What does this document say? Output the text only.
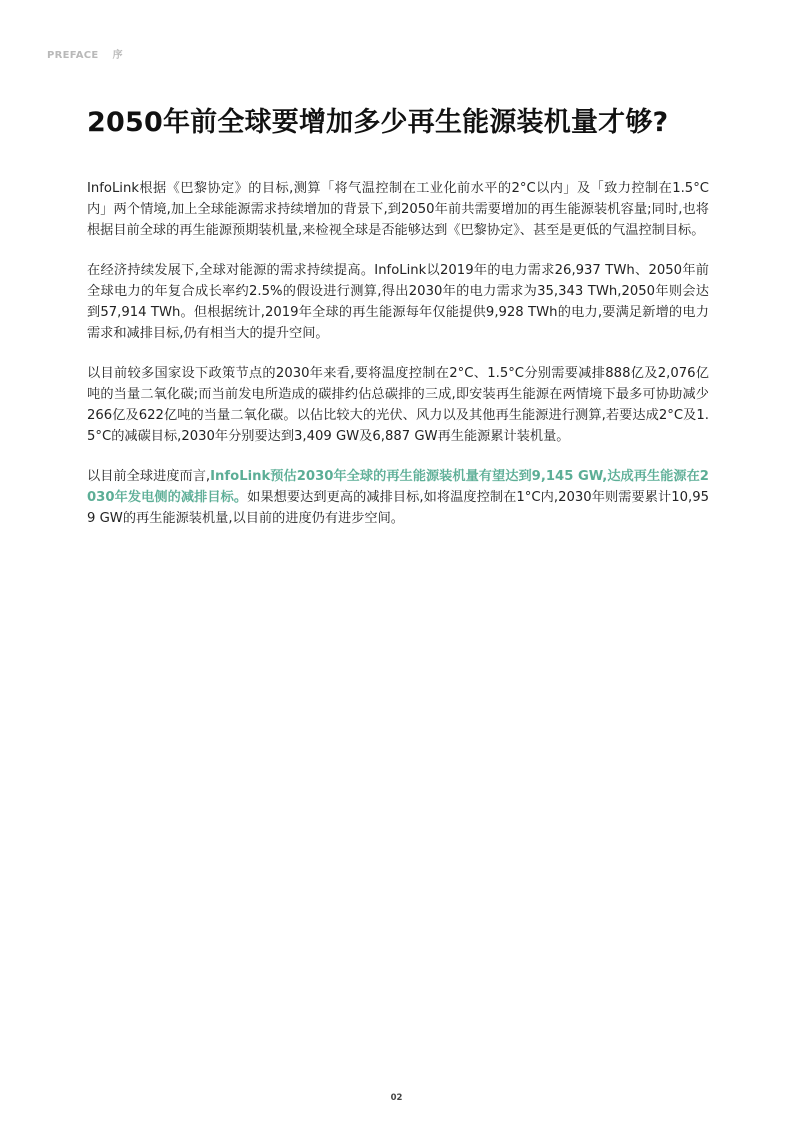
PREFACE 序
2050年前全球要增加多少再生能源装机量才够?

InfoLink根据《巴黎协定》的目标,测算「将气温控制在工业化前水平的2°C以内」及「致力控制在1.5°C内」两个情境,加上全球能源需求持续增加的背景下,到2050年前共需要增加的再生能源装机容量;同时,也将根据目前全球的再生能源预期装机量,来检视全球是否能够达到《巴黎协定》、甚至是更低的气温控制目标。

在经济持续发展下,全球对能源的需求持续提高。InfoLink以2019年的电力需求26,937 TWh、2050年前全球电力的年复合成长率约2.5%的假设进行测算,得出2030年的电力需求为35,343 TWh,2050年则会达到57,914 TWh。但根据统计,2019年全球的再生能源每年仅能提供9,928 TWh的电力,要满足新增的电力需求和减排目标,仍有相当大的提升空间。

以目前较多国家设下政策节点的2030年来看,要将温度控制在2°C、1.5°C分别需要减排888亿及2,076亿吨的当量二氧化碳;而当前发电所造成的碳排约佔总碳排的三成,即安装再生能源在两情境下最多可协助减少266亿及622亿吨的当量二氧化碳。以佔比较大的光伏、风力以及其他再生能源进行测算,若要达成2°C及1.5°C的减碳目标,2030年分别要达到3,409 GW及6,887 GW再生能源累计装机量。

以目前全球进度而言,InfoLink预估2030年全球的再生能源装机量有望达到9,145 GW,达成再生能源在2030年发电侧的减排目标。如果想要达到更高的减排目标,如将温度控制在1°C内,2030年则需要累计10,959 GW的再生能源装机量,以目前的进度仍有进步空间。

02
